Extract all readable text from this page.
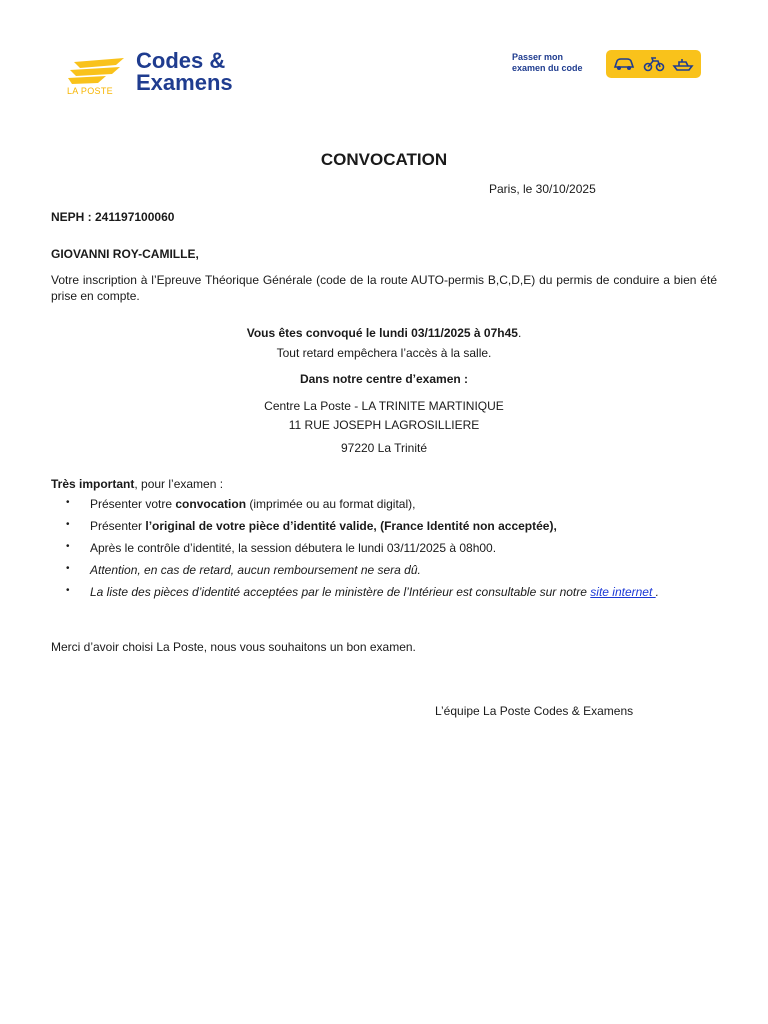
LA POSTE
Codes &
Examens
Passer mon
examen du code
CONVOCATION
Paris, le 30/10/2025
NEPH : 241197100060
GIOVANNI ROY-CAMILLE,
Votre inscription à l’Epreuve Théorique Générale (code de la route AUTO-permis B,C,D,E) du permis de conduire a bien été prise en compte.
Vous êtes convoqué le lundi 03/11/2025 à 07h45.
Tout retard empêchera l’accès à la salle.
Dans notre centre d’examen :
Centre La Poste - LA TRINITE MARTINIQUE
11 RUE JOSEPH LAGROSILLIERE
97220 La Trinité
Très important, pour l’examen :
• Présenter votre convocation (imprimée ou au format digital),
• Présenter l’original de votre pièce d’identité valide, (France Identité non acceptée),
• Après le contrôle d’identité, la session débutera le lundi 03/11/2025 à 08h00.
• Attention, en cas de retard, aucun remboursement ne sera dû.
• La liste des pièces d’identité acceptées par le ministère de l’Intérieur est consultable sur notre site internet .
Merci d’avoir choisi La Poste, nous vous souhaitons un bon examen.
L’équipe La Poste Codes & Examens
